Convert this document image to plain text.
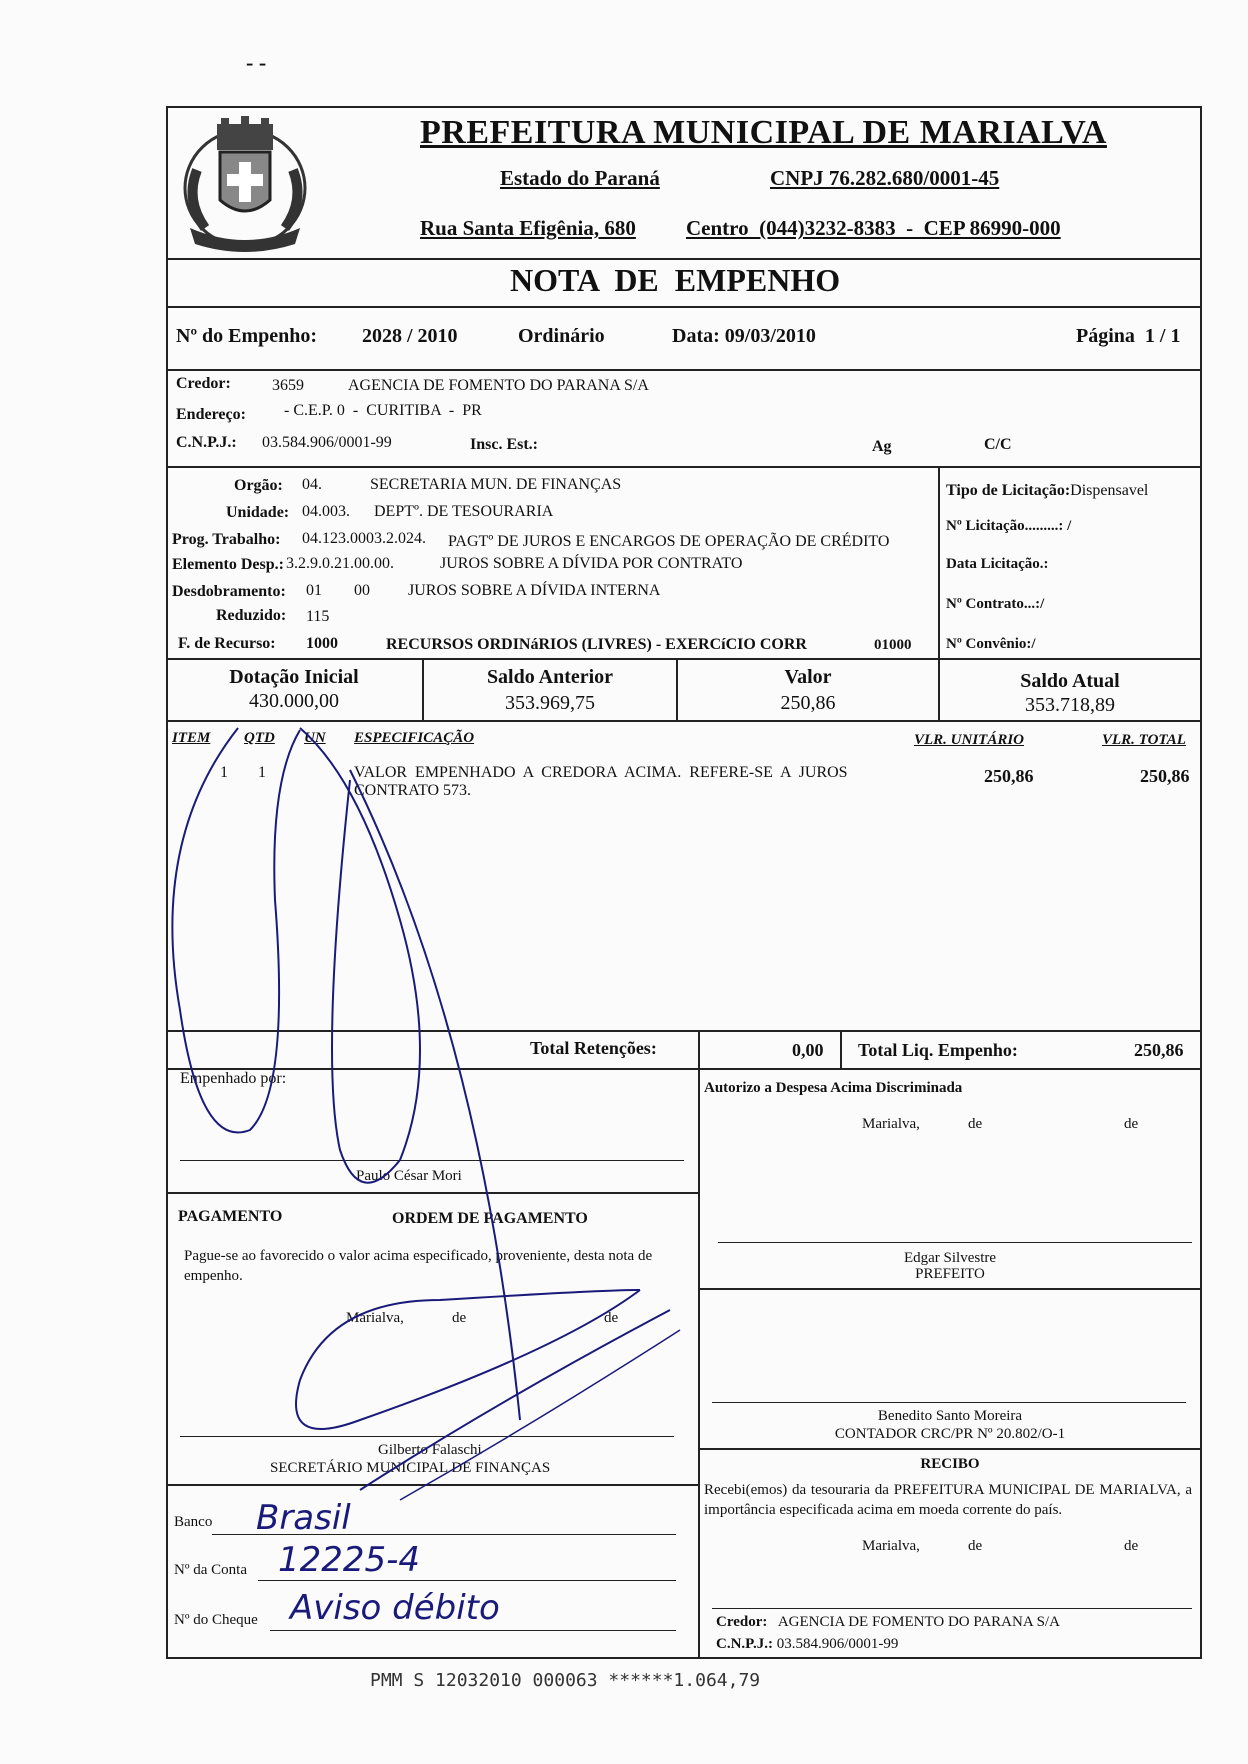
- -
PREFEITURA MUNICIPAL DE MARIALVA
Estado do Paraná	CNPJ 76.282.680/0001-45
Rua Santa Efigênia, 680 Centro  (044)3232-8383  -  CEP 86990-000
NOTA  DE  EMPENHO
Nº do Empenho: 2028 / 2010	Ordinário	Data: 09/03/2010	Página  1 / 1
Credor:	3659	AGENCIA DE FOMENTO DO PARANA S/A
Endereço: - C.E.P. 0  -  CURITIBA  -  PR
C.N.P.J.: 03.584.906/0001-99	Insc. Est.:	Ag	C/C
Orgão: 04.	SECRETARIA MUN. DE FINANÇAS
Unidade: 04.003. DEPTº. DE TESOURARIA
Prog. Trabalho: 04.123.0003.2.024. PAGTº DE JUROS E ENCARGOS DE OPERAÇÃO DE CRÉDITO
Elemento Desp.: 3.2.9.0.21.00.00.	JUROS SOBRE A DÍVIDA POR CONTRATO
Desdobramento: 01 00 JUROS SOBRE A DÍVIDA INTERNA
Reduzido: 115
F. de Recurso: 1000	RECURSOS ORDINáRIOS (LIVRES) - EXERCíCIO CORR	01000
Tipo de Licitação:Dispensavel
Nº Licitação.........: /
Data Licitação.:
Nº Contrato...:/
Nº Convênio:/
Dotação Inicial
430.000,00
Saldo Anterior
353.969,75
Valor
250,86
Saldo Atual
353.718,89
ITEM QTD UN ESPECIFICAÇÃO	VLR. UNITÁRIO	VLR. TOTAL
1 1	VALOR  EMPENHADO  A  CREDORA  ACIMA.  REFERE-SE  A  JUROS
CONTRATO 573.
250,86	250,86
Total Retenções:	0,00 Total Liq. Empenho:	250,86
Empenhado por:
Paulo César Mori
PAGAMENTO	ORDEM DE PAGAMENTO
Pague-se ao favorecido o valor acima especificado, proveniente, desta nota de empenho.
Marialva,	de	de
Gilberto Falaschi
SECRETÁRIO MUNICIPAL DE FINANÇAS
Banco Brasil
Nº da Conta 12225-4
Nº do Cheque Aviso débito
Autorizo a Despesa Acima Discriminada
Marialva,	de	de
Edgar Silvestre
PREFEITO
Benedito Santo Moreira
CONTADOR CRC/PR Nº 20.802/O-1
RECIBO
Recebi(emos) da tesouraria da PREFEITURA MUNICIPAL DE MARIALVA, a importância especificada acima em moeda corrente do país.
Marialva,	de	de
Credor: AGENCIA DE FOMENTO DO PARANA S/A
C.N.P.J.: 03.584.906/0001-99
PMM S 12032010 000063 ******1.064,79
